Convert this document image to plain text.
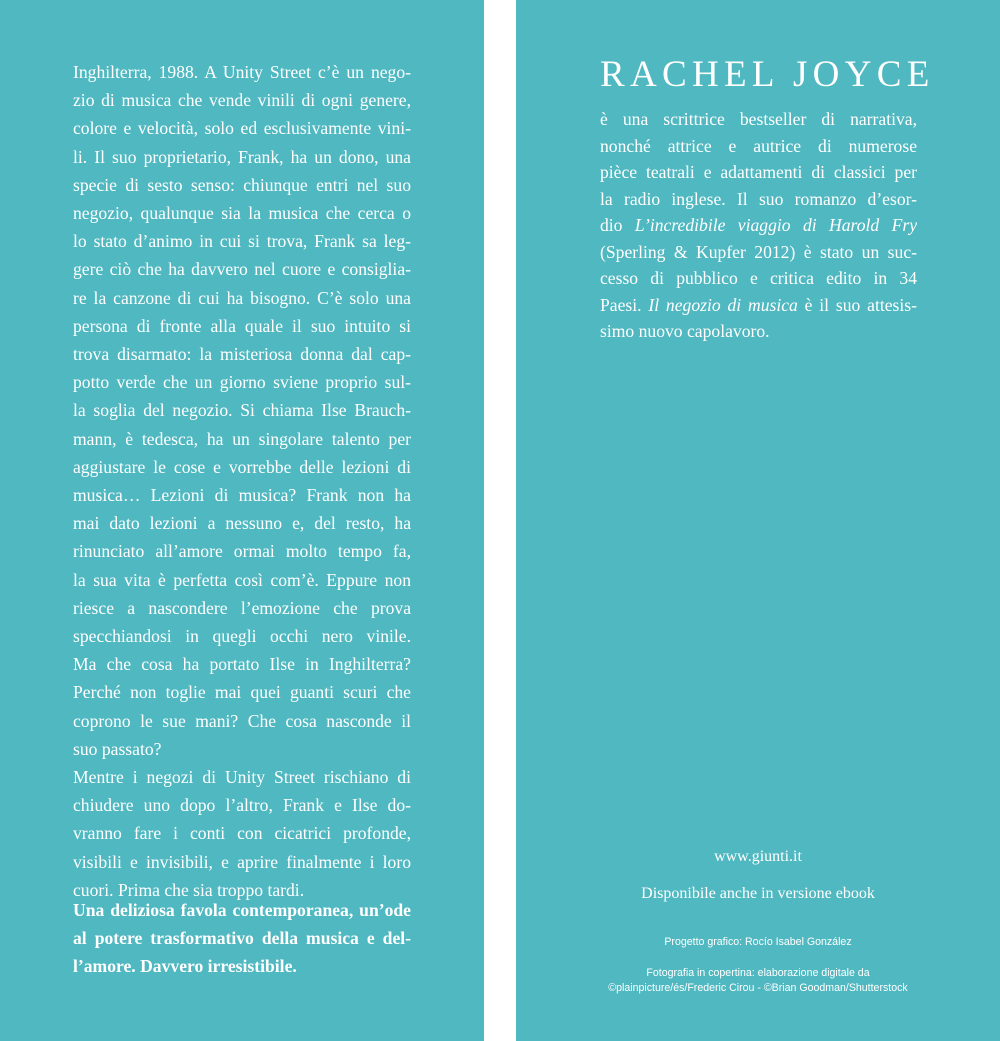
Inghilterra, 1988. A Unity Street c’è un nego-
zio di musica che vende vinili di ogni genere,
colore e velocità, solo ed esclusivamente vini-
li. Il suo proprietario, Frank, ha un dono, una
specie di sesto senso: chiunque entri nel suo
negozio, qualunque sia la musica che cerca o
lo stato d’animo in cui si trova, Frank sa leg-
gere ciò che ha davvero nel cuore e consiglia-
re la canzone di cui ha bisogno. C’è solo una
persona di fronte alla quale il suo intuito si
trova disarmato: la misteriosa donna dal cap-
potto verde che un giorno sviene proprio sul-
la soglia del negozio. Si chiama Ilse Brauch-
mann, è tedesca, ha un singolare talento per
aggiustare le cose e vorrebbe delle lezioni di
musica… Lezioni di musica? Frank non ha
mai dato lezioni a nessuno e, del resto, ha
rinunciato all’amore ormai molto tempo fa,
la sua vita è perfetta così com’è. Eppure non
riesce a nascondere l’emozione che prova
specchiandosi in quegli occhi nero vinile.
Ma che cosa ha portato Ilse in Inghilterra?
Perché non toglie mai quei guanti scuri che
coprono le sue mani? Che cosa nasconde il
suo passato?
Mentre i negozi di Unity Street rischiano di
chiudere uno dopo l’altro, Frank e Ilse do-
vranno fare i conti con cicatrici profonde,
visibili e invisibili, e aprire finalmente i loro
cuori. Prima che sia troppo tardi.

Una deliziosa favola contemporanea, un’ode
al potere trasformativo della musica e del-
l’amore. Davvero irresistibile.

RACHEL JOYCE

è una scrittrice bestseller di narrativa,
nonché attrice e autrice di numerose
pièce teatrali e adattamenti di classici per
la radio inglese. Il suo romanzo d’esor-
dio L’incredibile viaggio di Harold Fry
(Sperling & Kupfer 2012) è stato un suc-
cesso di pubblico e critica edito in 34
Paesi. Il negozio di musica è il suo attesis-
simo nuovo capolavoro.

www.giunti.it
Disponibile anche in versione ebook
Progetto grafico: Rocío Isabel González
Fotografia in copertina: elaborazione digitale da
©plainpicture/és/Frederic Cirou - ©Brian Goodman/Shutterstock
